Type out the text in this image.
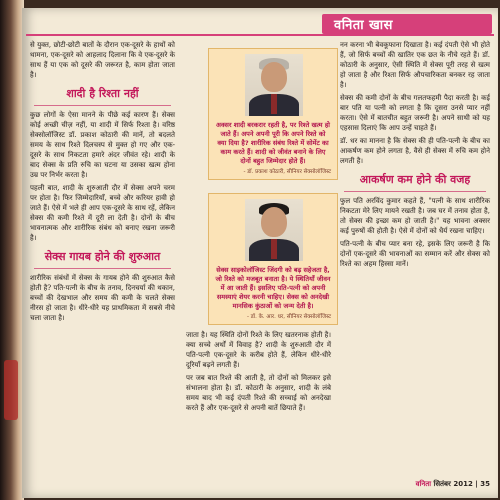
वनिता खास

से युक्त, छोटी-छोटी बातों के दौरान एक-दूसरे के हाथों को थामना, एक-दूसरे को आहलाद दिलाना कि वे एक-दूसरे के साथ हैं या एक को दूसरे की जरूरत है, काम होता जाता है।

शादी है रिश्ता नहीं

कुछ लोगों के ऐसा मानने के पीछे कई कारण हैं। सेक्स कोई अच्छी चीज़ नहीं, या शादी में सिर्फ रिश्ता है। वरिष्ठ सेक्सोलॉजिस्ट डॉ. प्रकाश कोठारी की मानें, तो बदलते समय के साथ रिश्ते दिलचस्प से मुक्त हो गए और एक-दूसरे के साथ निकटता हमारे अंदर जीवंत रहे। शादी के बाद सेक्स के प्रति रुचि का घटना या उसका खत्म होना उम्र पर निर्भर करता है।

पहली बात, शादी के शुरुआती दौर में सेक्स अपने चरम पर होता है। फिर जिम्मेदारियाँ, बच्चे और करियर हावी हो जाते हैं। ऐसे में भले ही आप एक-दूसरे के साथ रहें, लेकिन सेक्स की कमी रिश्ते में दूरी ला देती है। दोनों के बीच भावनात्मक और शारीरिक संबंध को बनाए रखना जरूरी है।

सेक्स गायब होने की शुरुआत

शारीरिक संबंधों में सेक्स के गायब होने की शुरुआत कैसे होती है? पति-पत्नी के बीच के तनाव, दिनचर्या की थकान, बच्चों की देखभाल और समय की कमी के चलते सेक्स नीरस हो जाता है। धीरे-धीरे यह प्राथमिकता में सबसे नीचे चला जाता है।

अक्सर शादी बरकरार रहती है, पर रिश्ते खत्म हो जाते हैं। अपने अपनी पूरी कि अपने रिश्ते को क्या दिया है? शारीरिक संबंध रिश्ते में सोमेंट का काम करते हैं। शादी को जीवंत बनाने के लिए दोनों बहुत जिम्मेदार होते हैं।
- डॉ. प्रकाश कोठारी, सीनियर सेक्सोलॉजिस्ट
सेक्स साइकोलॉजिस्ट जिंदगी को बढ़ सहेजता है, जो रिश्ते को मजबूत बनाता है। ये स्थितियाँ जीवन में आ जाती हैं। इसलिए पति-पत्नी को अपनी समस्याएं शेयर करनी चाहिए। सेक्स को अनदेखी मानसिक कुंठाओं को जन्म देती है।
- डॉ. के. आर. धर, सीनियर सेक्सोलॉजिस्ट

जाता है। यह स्थिति दोनों रिश्ते के लिए खतरनाक होती है। क्या सच्चे अर्थों में विवाह है? शादी के शुरुआती दौर में पति-पत्नी एक-दूसरे के करीब होते हैं, लेकिन धीरे-धीरे दूरियाँ बढ़ने लगती हैं।

पर जब बात रिश्ते की आती है, तो दोनों को मिलकर इसे संभालना होता है। डॉ. कोठारी के अनुसार, शादी के लंबे समय बाद भी कई दंपती रिश्ते की सच्चाई को अनदेखा करते हैं और एक-दूसरे से अपनी बातें छिपाते हैं।

नन करना भी बेवकूफाना दिखाता है। कई दंपती ऐसे भी होते हैं, जो सिर्फ बच्चों की खातिर एक छत के नीचे रहते हैं। डॉ. कोठारी के अनुसार, ऐसी स्थिति में सेक्स पूरी तरह से खत्म हो जाता है और रिश्ता सिर्फ औपचारिकता बनकर रह जाता है।

सेक्स की कमी दोनों के बीच गलतफहमी पैदा करती है। कई बार पति या पत्नी को लगता है कि दूसरा उनसे प्यार नहीं करता। ऐसे में बातचीत बहुत जरूरी है। अपने साथी को यह एहसास दिलाएं कि आप उन्हें चाहते हैं।

डॉ. धर का मानना है कि सेक्स की ही पति-पत्नी के बीच का आकर्षण कम होने लगता है, वैसे ही सेक्स में रुचि कम होने लगती है।

आकर्षण कम होने की वजह

फुल पति अरविंद कुमार कहते हैं, "पत्नी के साथ शारीरिक निकटता मेरे लिए मायने रखती है। जब घर में तनाव होता है, तो सेक्स की इच्छा कम हो जाती है।" यह भावना अक्सर कई पुरुषों की होती है। ऐसे में दोनों को धैर्य रखना चाहिए।

पति-पत्नी के बीच प्यार बना रहे, इसके लिए जरूरी है कि दोनों एक-दूसरे की भावनाओं का सम्मान करें और सेक्स को रिश्ते का अहम हिस्सा मानें।

वनिता सितंबर 2012 | 35
